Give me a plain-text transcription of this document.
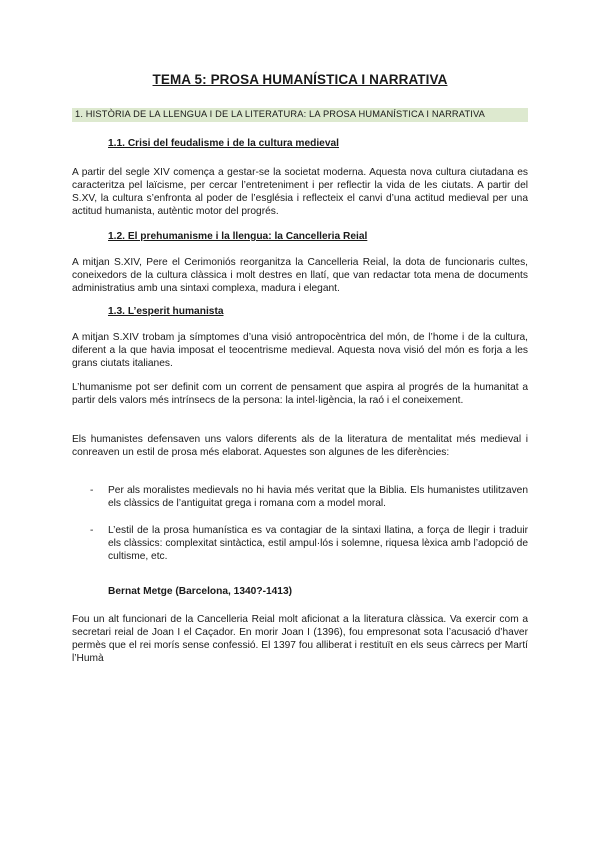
TEMA 5: PROSA HUMANÍSTICA I NARRATIVA
1. HISTÒRIA DE LA LLENGUA I DE LA LITERATURA: LA PROSA HUMANÍSTICA I NARRATIVA
1.1. Crisi del feudalisme i de la cultura medieval
A partir del segle XIV comença a gestar-se la societat moderna. Aquesta nova cultura ciutadana es caracteritza pel laïcisme, per cercar l’entreteniment i per reflectir la vida de les ciutats. A partir del S.XV, la cultura s’enfronta al poder de l’església i reflecteix el canvi d’una actitud medieval per una actitud humanista, autèntic motor del progrés.
1.2. El prehumanisme i la llengua: la Cancelleria Reial
A mitjan S.XIV, Pere el Cerimoniós reorganitza la Cancelleria Reial, la dota de funcionaris cultes, coneixedors de la cultura clàssica i molt destres en llatí, que van redactar tota mena de documents administratius amb una sintaxi complexa, madura i elegant.
1.3. L’esperit humanista
A mitjan S.XIV trobam ja símptomes d’una visió antropocèntrica del món, de l’home i de la cultura, diferent a la que havia imposat el teocentrisme medieval. Aquesta nova visió del món es forja a les grans ciutats italianes.
L’humanisme pot ser definit com un corrent de pensament que aspira al progrés de la humanitat a partir dels valors més intrínsecs de la persona: la intel·ligència, la raó i el coneixement.
Els humanistes defensaven uns valors diferents als de la literatura de mentalitat més medieval i conreaven un estil de prosa més elaborat. Aquestes son algunes de les diferències:
- Per als moralistes medievals no hi havia més veritat que la Biblia. Els humanistes utilitzaven els clàssics de l’antiguitat grega i romana com a model moral.
- L’estil de la prosa humanística es va contagiar de la sintaxi llatina, a força de llegir i traduir els clàssics: complexitat sintàctica, estil ampul·lós i solemne, riquesa lèxica amb l’adopció de cultisme, etc.
Bernat Metge (Barcelona, 1340?-1413)
Fou un alt funcionari de la Cancelleria Reial molt aficionat a la literatura clàssica. Va exercir com a secretari reial de Joan I el Caçador. En morir Joan I (1396), fou empresonat sota l’acusació d’haver permès que el rei morís sense confessió. El 1397 fou alliberat i restituït en els seus càrrecs per Martí l’Humà
